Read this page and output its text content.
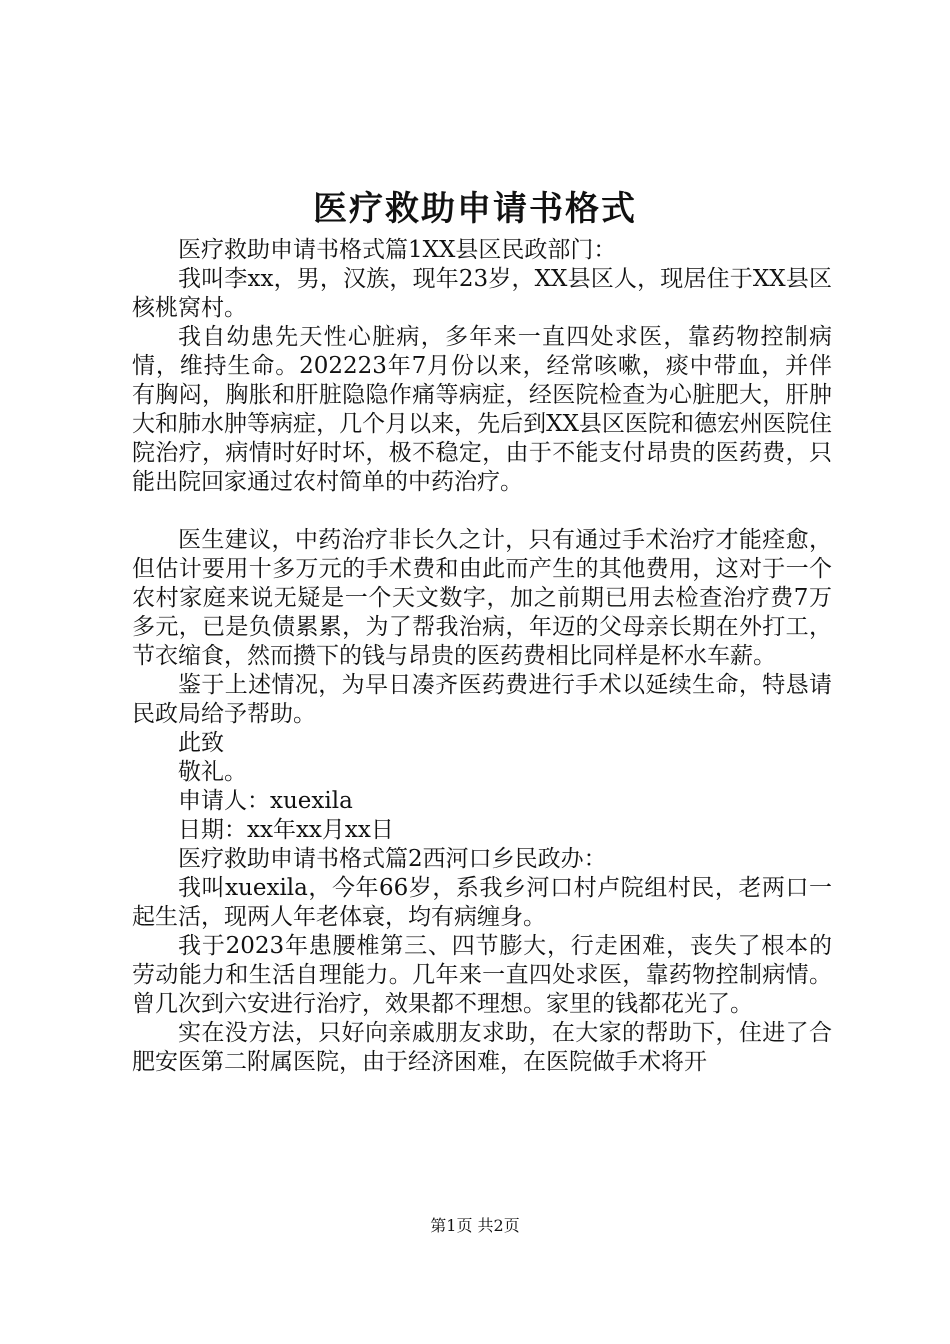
医疗救助申请书格式

医疗救助申请书格式篇1XX县区民政部门：

我叫李xx，男，汉族，现年23岁，XX县区人，现居住于XX县区核桃窝村。

我自幼患先天性心脏病，多年来一直四处求医，靠药物控制病情，维持生命。202223年7月份以来，经常咳嗽，痰中带血，并伴有胸闷，胸胀和肝脏隐隐作痛等病症，经医院检查为心脏肥大，肝肿大和肺水肿等病症，几个月以来，先后到XX县区医院和德宏州医院住院治疗，病情时好时坏，极不稳定，由于不能支付昂贵的医药费，只能出院回家通过农村简单的中药治疗。

医生建议，中药治疗非长久之计，只有通过手术治疗才能痊愈，但估计要用十多万元的手术费和由此而产生的其他费用，这对于一个农村家庭来说无疑是一个天文数字，加之前期已用去检查治疗费7万多元，已是负债累累，为了帮我治病，年迈的父母亲长期在外打工，节衣缩食，然而攒下的钱与昂贵的医药费相比同样是杯水车薪。

鉴于上述情况，为早日凑齐医药费进行手术以延续生命，特恳请民政局给予帮助。

此致

敬礼。

申请人：xuexila

日期：xx年xx月xx日

医疗救助申请书格式篇2西河口乡民政办：

我叫xuexila，今年66岁，系我乡河口村卢院组村民，老两口一起生活，现两人年老体衰，均有病缠身。

我于2023年患腰椎第三、四节膨大，行走困难，丧失了根本的劳动能力和生活自理能力。几年来一直四处求医，靠药物控制病情。曾几次到六安进行治疗，效果都不理想。家里的钱都花光了。

实在没方法，只好向亲戚朋友求助，在大家的帮助下，住进了合肥安医第二附属医院，由于经济困难，在医院做手术将开

第1页 共2页
